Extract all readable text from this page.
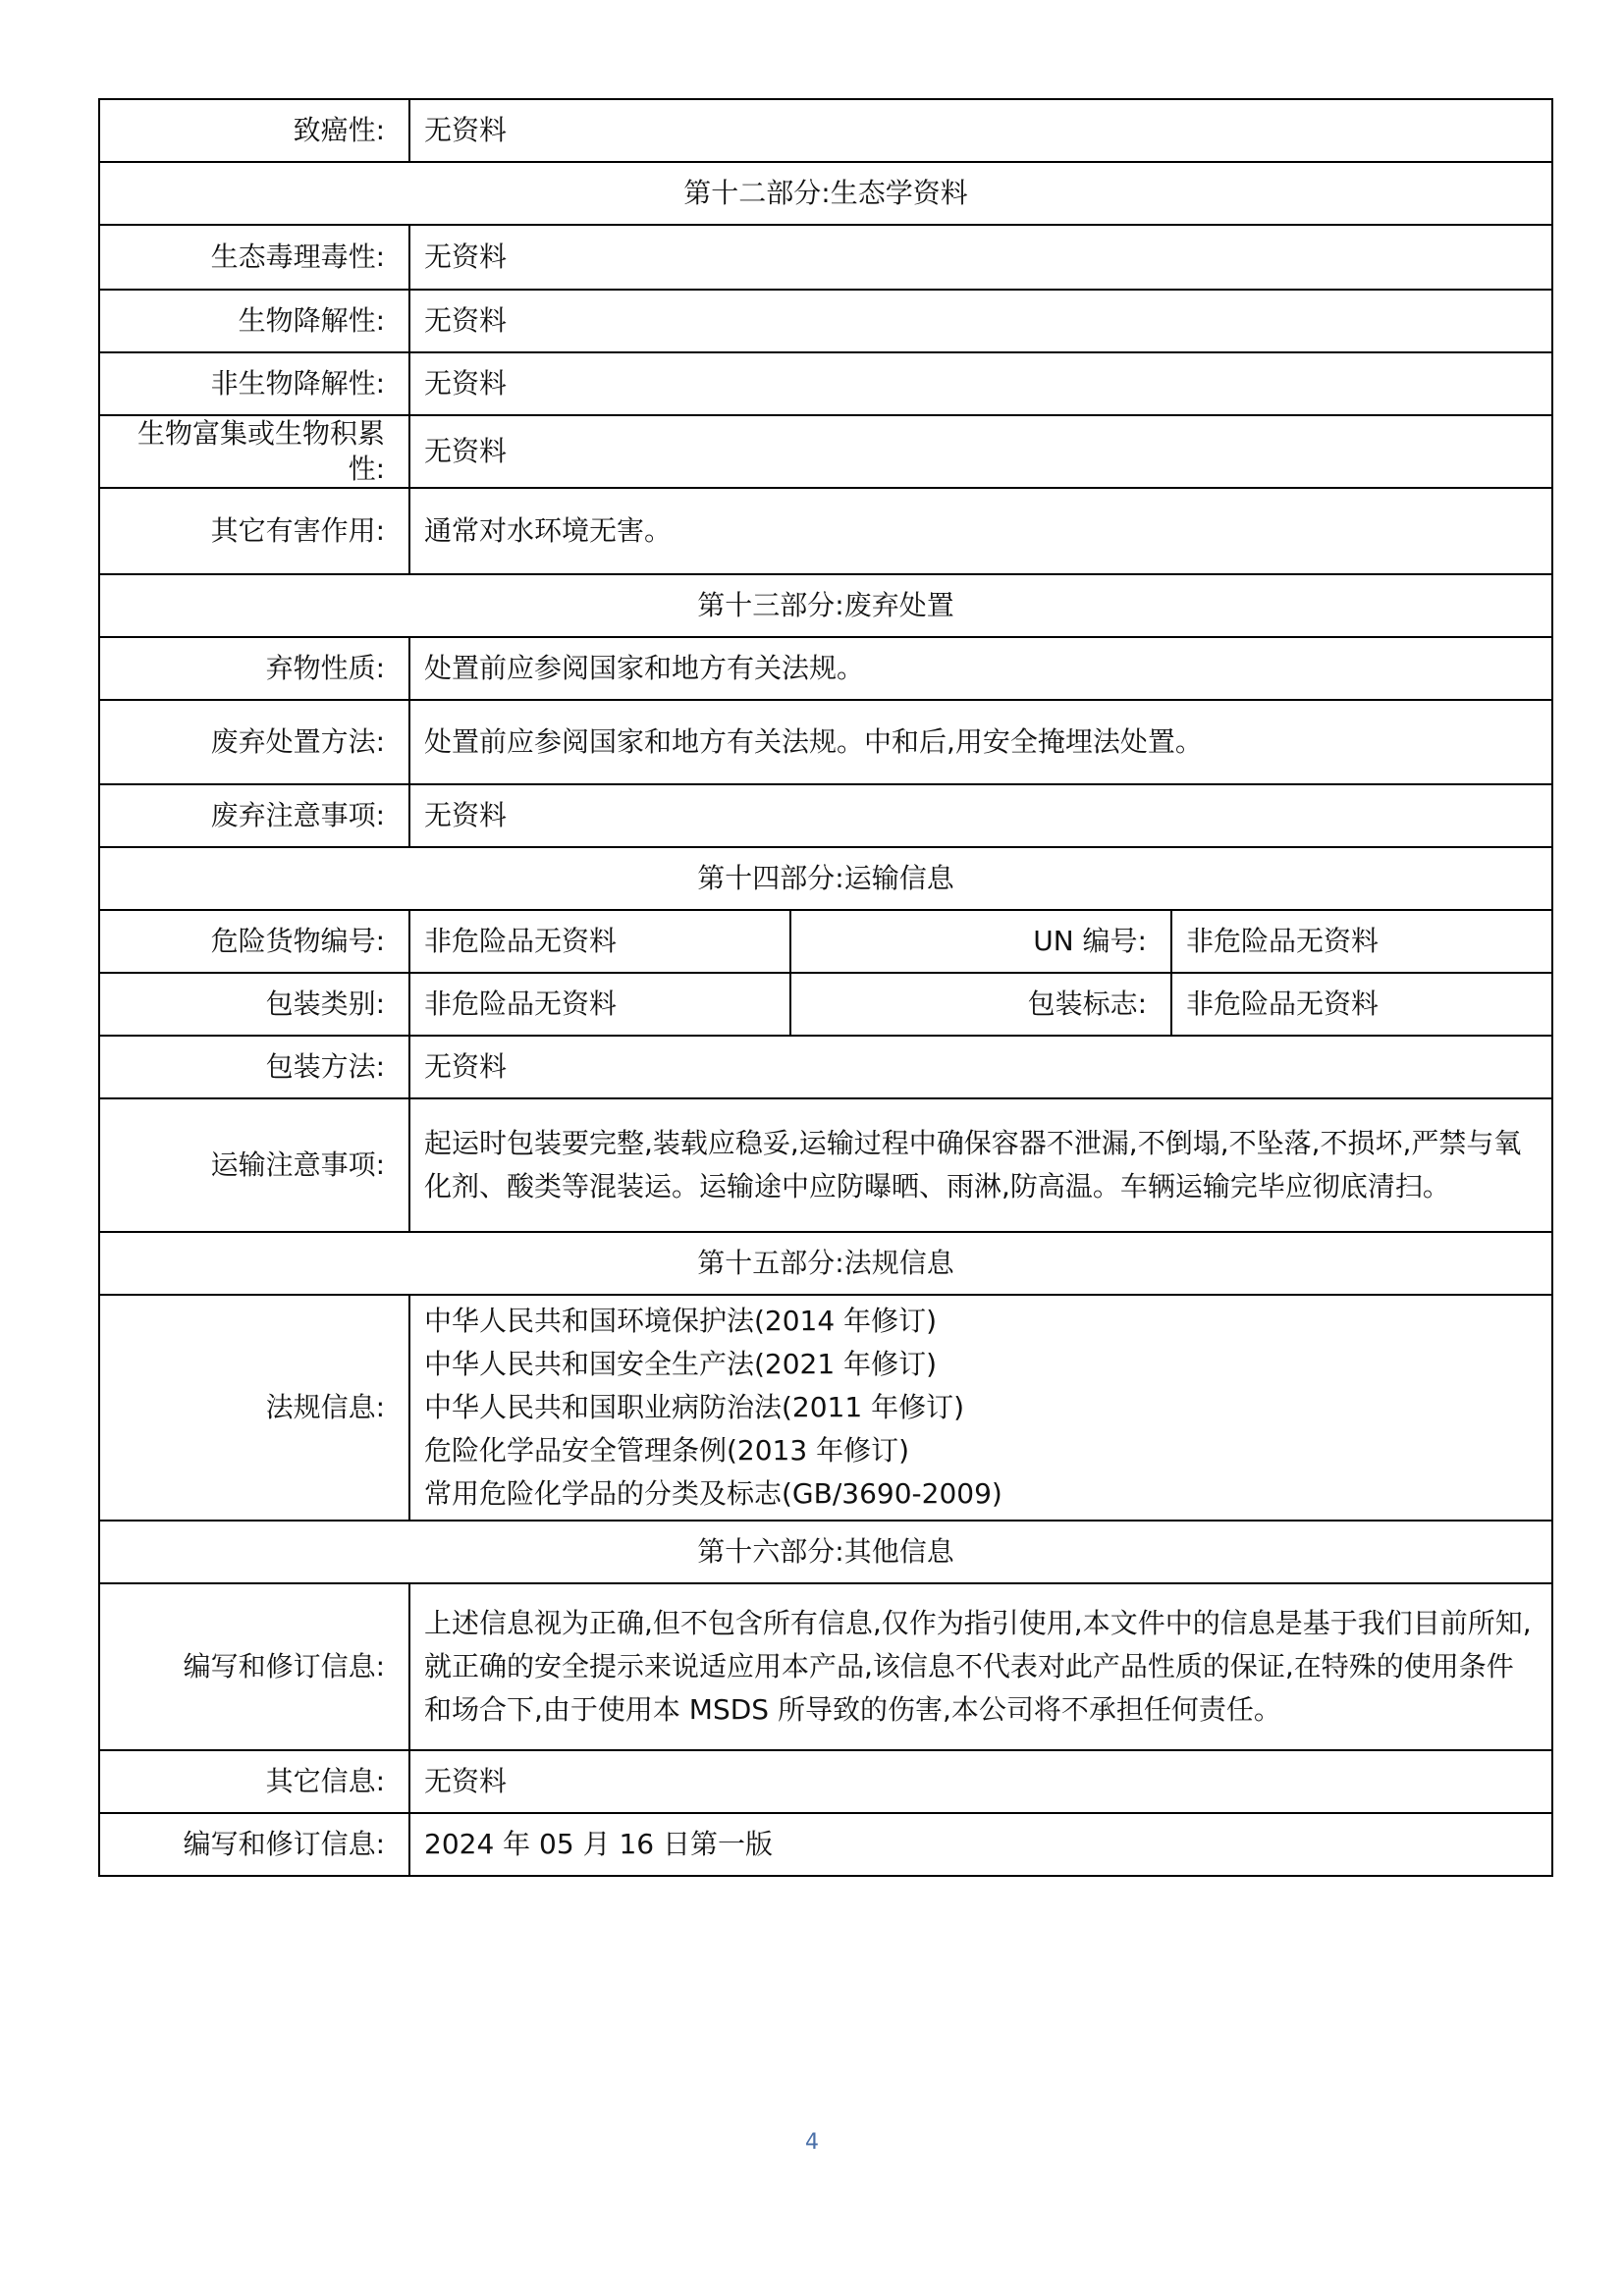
致癌性:	无资料		
第十二部分:生态学资料			
生态毒理毒性:	无资料		
生物降解性:	无资料		
非生物降解性:	无资料		
生物富集或生物积累性:	无资料		
其它有害作用:	通常对水环境无害。		
第十三部分:废弃处置			
弃物性质:	处置前应参阅国家和地方有关法规。		
废弃处置方法:	处置前应参阅国家和地方有关法规。中和后,用安全掩埋法处置。		
废弃注意事项:	无资料		
第十四部分:运输信息			
危险货物编号:	非危险品无资料	UN 编号:	非危险品无资料
包装类别:	非危险品无资料	包装标志:	非危险品无资料
包装方法:	无资料		
运输注意事项:	起运时包装要完整,装载应稳妥,运输过程中确保容器不泄漏,不倒塌,不坠落,不损坏,严禁与氧化剂、酸类等混装运。运输途中应防曝晒、雨淋,防高温。车辆运输完毕应彻底清扫。		
第十五部分:法规信息			
法规信息:	中华人民共和国环境保护法(2014 年修订)
中华人民共和国安全生产法(2021 年修订)
中华人民共和国职业病防治法(2011 年修订)
危险化学品安全管理条例(2013 年修订)
常用危险化学品的分类及标志(GB/3690-2009)		

第十六部分:其他信息			
编写和修订信息:	上述信息视为正确,但不包含所有信息,仅作为指引使用,本文件中的信息是基于我们目前所知,就正确的安全提示来说适应用本产品,该信息不代表对此产品性质的保证,在特殊的使用条件和场合下,由于使用本 MSDS 所导致的伤害,本公司将不承担任何责任。		
其它信息:	无资料		
编写和修订信息:	2024 年 05 月 16 日第一版		
4
